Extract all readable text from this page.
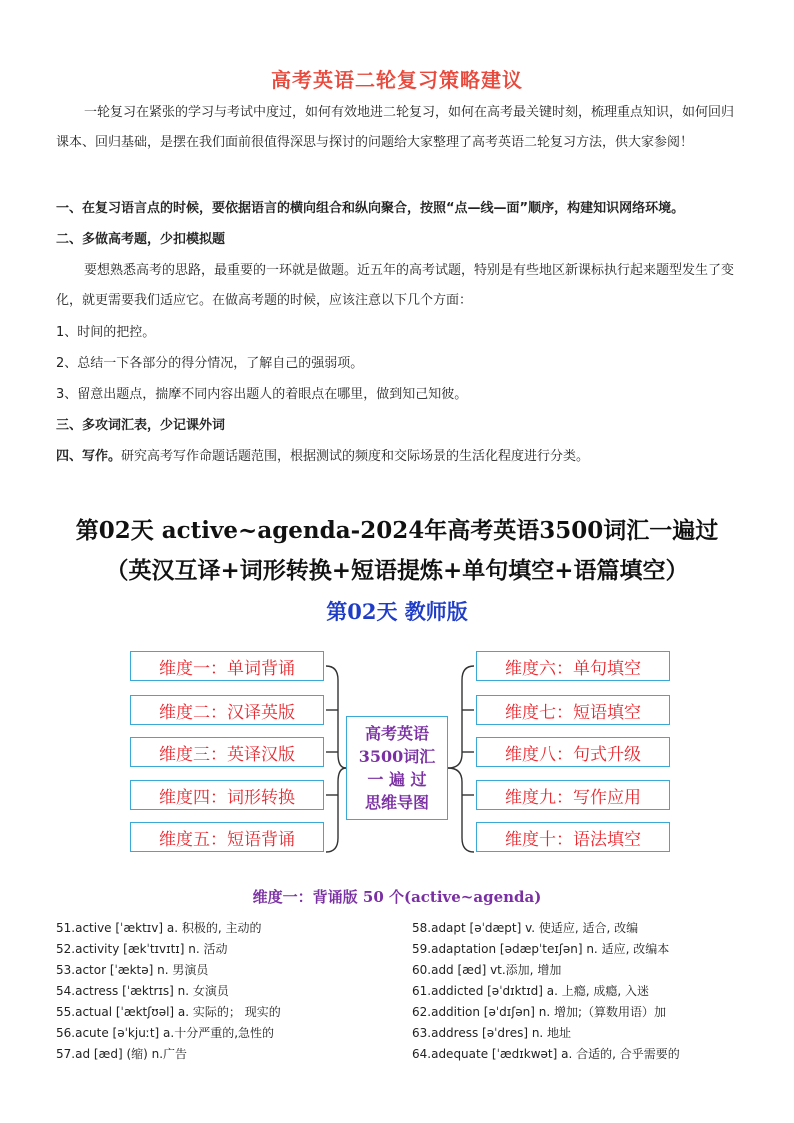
高考英语二轮复习策略建议
一轮复习在紧张的学习与考试中度过，如何有效地进二轮复习，如何在高考最关键时刻，梳理重点知识，如何回归课本、回归基础，是摆在我们面前很值得深思与探讨的问题给大家整理了高考英语二轮复习方法，供大家参阅！
一、在复习语言点的时候，要依据语言的横向组合和纵向聚合，按照“点—线—面”顺序，构建知识网络环境。
二、多做高考题，少扣模拟题
要想熟悉高考的思路，最重要的一环就是做题。近五年的高考试题，特别是有些地区新课标执行起来题型发生了变化，就更需要我们适应它。在做高考题的时候，应该注意以下几个方面：
1、时间的把控。
2、总结一下各部分的得分情况，了解自己的强弱项。
3、留意出题点，揣摩不同内容出题人的着眼点在哪里，做到知己知彼。
三、多攻词汇表，少记课外词
四、写作。研究高考写作命题话题范围，根据测试的频度和交际场景的生活化程度进行分类。
第02天 active~agenda-2024年高考英语3500词汇一遍过
（英汉互译+词形转换+短语提炼+单句填空+语篇填空）
第02天 教师版
维度一：单词背诵
维度二：汉译英版
维度三：英译汉版
维度四：词形转换
维度五：短语背诵
高考英语
3500词汇
一 遍 过
思维导图
维度六：单句填空
维度七：短语填空
维度八：句式升级
维度九：写作应用
维度十：语法填空
维度一：背诵版 50 个(active~agenda)
51.active [ˈæktɪv] a. 积极的, 主动的
52.activity [ækˈtɪvɪtɪ] n. 活动
53.actor [ˈæktə] n. 男演员
54.actress [ˈæktrɪs] n. 女演员
55.actual [ˈæktʃʊəl] a. 实际的； 现实的
56.acute [əˈkjuːt] a.十分严重的,急性的
57.ad [æd] (缩) n.广告
58.adapt [əˈdæpt] v. 使适应, 适合, 改编
59.adaptation [ədæpˈteɪʃən] n. 适应, 改编本
60.add [æd] vt.添加, 增加
61.addicted [əˈdɪktɪd] a. 上瘾, 成瘾, 入迷
62.addition [əˈdɪʃən] n. 增加;（算数用语）加
63.address [əˈdres] n. 地址
64.adequate [ˈædɪkwət] a. 合适的, 合乎需要的
